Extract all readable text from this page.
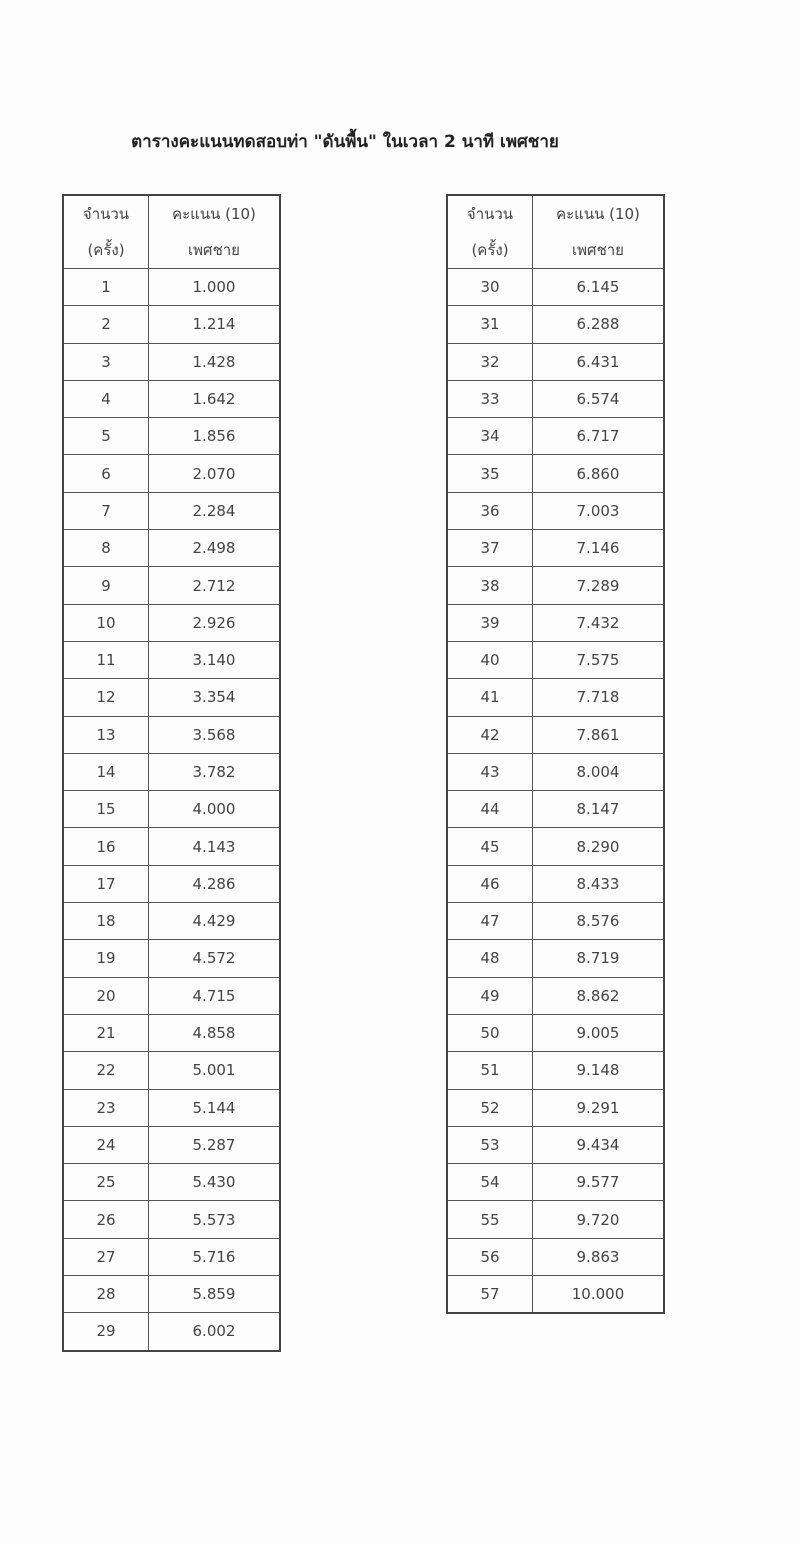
ตารางคะแนนทดสอบท่า "ดันพื้น" ในเวลา 2 นาที เพศชาย
จำนวน
(ครั้ง)	คะแนน (10)
เพศชาย

1	1.000
2	1.214
3	1.428
4	1.642
5	1.856
6	2.070
7	2.284
8	2.498
9	2.712
10	2.926
11	3.140
12	3.354
13	3.568
14	3.782
15	4.000
16	4.143
17	4.286
18	4.429
19	4.572
20	4.715
21	4.858
22	5.001
23	5.144
24	5.287
25	5.430
26	5.573
27	5.716
28	5.859
29	6.002
จำนวน
(ครั้ง)	คะแนน (10)
เพศชาย

30	6.145
31	6.288
32	6.431
33	6.574
34	6.717
35	6.860
36	7.003
37	7.146
38	7.289
39	7.432
40	7.575
41	7.718
42	7.861
43	8.004
44	8.147
45	8.290
46	8.433
47	8.576
48	8.719
49	8.862
50	9.005
51	9.148
52	9.291
53	9.434
54	9.577
55	9.720
56	9.863
57	10.000
